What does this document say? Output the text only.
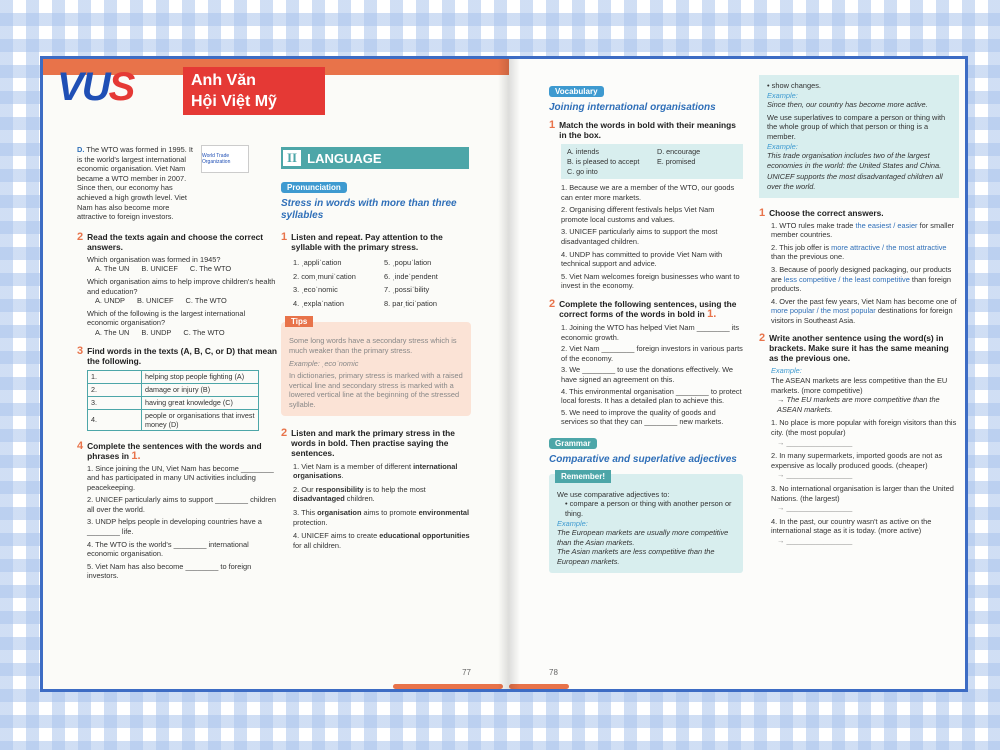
VUS	Anh Văn
Hội Việt Mỹ
D. The WTO was formed in 1995. It is the world's largest international economic organisation. Viet Nam became a WTO member in 2007. Since then, our economy has achieved a high growth level. Viet Nam has also become more attractive to foreign investors.
World Trade Organization
2 Read the texts again and choose the correct answers.
Which organisation was formed in 1945?
A. The UN B. UNICEF C. The WTO
Which organisation aims to help improve children's health and education?
A. UNDP B. UNICEF C. The WTO
Which of the following is the largest international economic organisation?
A. The UN B. UNDP C. The WTO
3 Find words in the texts (A, B, C, or D) that mean the following.
1.	helping stop people fighting (A)
2.	damage or injury (B)
3.	having great knowledge (C)
4.	people or organisations that invest money (D)
4 Complete the sentences with the words and phrases in 1.
1. Since joining the UN, Viet Nam has become ________ and has participated in many UN activities including peacekeeping.
2. UNICEF particularly aims to support ________ children all over the world.
3. UNDP helps people in developing countries have a ________ life.
4. The WTO is the world's ________ international economic organisation.
5. Viet Nam has also become ________ to foreign investors.
II LANGUAGE
Pronunciation
Stress in words with more than three syllables
1 Listen and repeat. Pay attention to the syllable with the primary stress.
1. ˌappliˈcation	5. ˌpopuˈlation
2. comˌmuniˈcation	6. ˌindeˈpendent
3. ˌecoˈnomic	7. ˌpossiˈbility
4. ˌexplaˈnation	8. parˌticiˈpation
Tips
Some long words have a secondary stress which is much weaker than the primary stress.
Example: ˌecoˈnomic
In dictionaries, primary stress is marked with a raised vertical line and secondary stress is marked with a lowered vertical line at the beginning of the stressed syllable.
2 Listen and mark the primary stress in the words in bold. Then practise saying the sentences.
1. Viet Nam is a member of different international organisations.
2. Our responsibility is to help the most disadvantaged children.
3. This organisation aims to promote environmental protection.
4. UNICEF aims to create educational opportunities for all children.
77
Vocabulary
Joining international organisations
1 Match the words in bold with their meanings in the box.
A. intends	D. encourage
B. is pleased to accept	E. promised
C. go into
1. Because we are a member of the WTO, our goods can enter more markets.
2. Organising different festivals helps Viet Nam promote local customs and values.
3. UNICEF particularly aims to support the most disadvantaged children.
4. UNDP has committed to provide Viet Nam with technical support and advice.
5. Viet Nam welcomes foreign businesses who want to invest in the economy.
2 Complete the following sentences, using the correct forms of the words in bold in 1.
1. Joining the WTO has helped Viet Nam ________ its economic growth.
2. Viet Nam ________ foreign investors in various parts of the economy.
3. We ________ to use the donations effectively. We have signed an agreement on this.
4. This environmental organisation ________ to protect local forests. It has a detailed plan to achieve this.
5. We need to improve the quality of goods and services so that they can ________ new markets.
Grammar
Comparative and superlative adjectives
Remember!
We use comparative adjectives to:
• compare a person or thing with another person or thing.
Example:
The European markets are usually more competitive than the Asian markets.
The Asian markets are less competitive than the European markets.
• show changes.
Example:
Since then, our country has become more active.
We use superlatives to compare a person or thing with the whole group of which that person or thing is a member.
Example:
This trade organisation includes two of the largest economies in the world: the United States and China.
UNICEF supports the most disadvantaged children all over the world.
1 Choose the correct answers.
1. WTO rules make trade the easiest / easier for smaller member countries.
2. This job offer is more attractive / the most attractive than the previous one.
3. Because of poorly designed packaging, our products are less competitive / the least competitive than foreign products.
4. Over the past few years, Viet Nam has become one of more popular / the most popular destinations for foreign visitors in Southeast Asia.
2 Write another sentence using the word(s) in brackets. Make sure it has the same meaning as the previous one.
Example:
The ASEAN markets are less competitive than the EU markets. (more competitive)
→ The EU markets are more competitive than the ASEAN markets.
1. No place is more popular with foreign visitors than this city. (the most popular)
→ ________________
2. In many supermarkets, imported goods are not as expensive as locally produced goods. (cheaper)
→ ________________
3. No international organisation is larger than the United Nations. (the largest)
→ ________________
4. In the past, our country wasn't as active on the international stage as it is today. (more active)
→ ________________
78
